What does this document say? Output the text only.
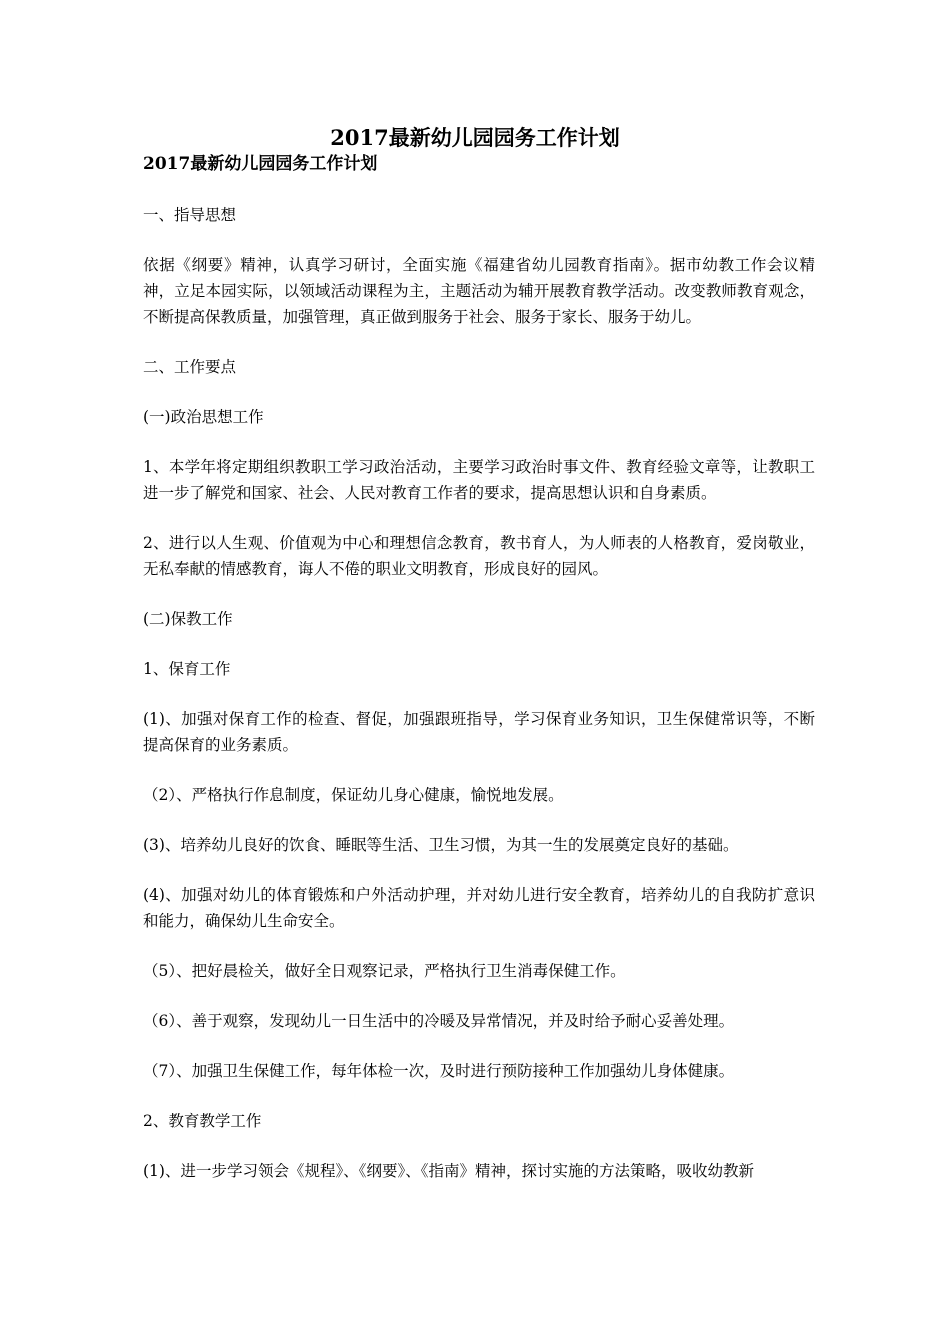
2017最新幼儿园园务工作计划
2017最新幼儿园园务工作计划

一、指导思想

依据《纲要》精神，认真学习研讨，全面实施《福建省幼儿园教育指南》。据市幼教工作会议精神，立足本园实际，以领域活动课程为主，主题活动为辅开展教育教学活动。改变教师教育观念，不断提高保教质量，加强管理，真正做到服务于社会、服务于家长、服务于幼儿。

二、工作要点

(一)政治思想工作

1、本学年将定期组织教职工学习政治活动，主要学习政治时事文件、教育经验文章等，让教职工进一步了解党和国家、社会、人民对教育工作者的要求，提高思想认识和自身素质。

2、进行以人生观、价值观为中心和理想信念教育，教书育人，为人师表的人格教育，爱岗敬业，无私奉献的情感教育，诲人不倦的职业文明教育，形成良好的园风。

(二)保教工作

1、保育工作

(1)、加强对保育工作的检查、督促，加强跟班指导，学习保育业务知识，卫生保健常识等，不断提高保育的业务素质。

（2）、严格执行作息制度，保证幼儿身心健康，愉悦地发展。

(3)、培养幼儿良好的饮食、睡眠等生活、卫生习惯，为其一生的发展奠定良好的基础。

(4)、加强对幼儿的体育锻炼和户外活动护理，并对幼儿进行安全教育，培养幼儿的自我防扩意识和能力，确保幼儿生命安全。

（5）、把好晨检关，做好全日观察记录，严格执行卫生消毒保健工作。

（6）、善于观察，发现幼儿一日生活中的冷暖及异常情况，并及时给予耐心妥善处理。

（7）、加强卫生保健工作，每年体检一次，及时进行预防接种工作加强幼儿身体健康。

2、教育教学工作

(1)、进一步学习领会《规程》、《纲要》、《指南》精神，探讨实施的方法策略，吸收幼教新
